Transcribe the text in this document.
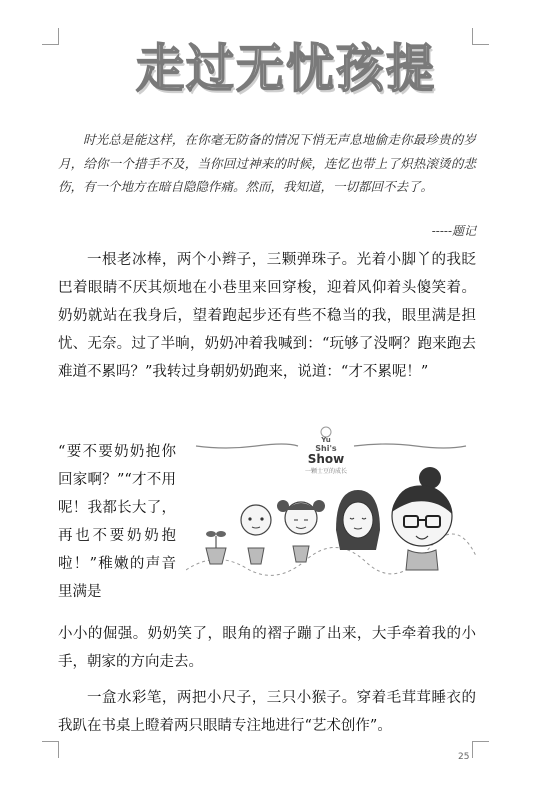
走过无忧孩提

时光总是能这样，在你毫无防备的情况下悄无声息地偷走你最珍贵的岁月，给你一个措手不及，当你回过神来的时候，连忆也带上了炽热滚烫的悲伤，有一个地方在暗自隐隐作痛。然而，我知道，一切都回不去了。

-----题记

一根老冰棒，两个小辫子，三颗弹珠子。光着小脚丫的我眨巴着眼睛不厌其烦地在小巷里来回穿梭，迎着风仰着头傻笑着。奶奶就站在我身后，望着跑起步还有些不稳当的我，眼里满是担忧、无奈。过了半晌，奶奶冲着我喊到：“玩够了没啊？跑来跑去难道不累吗？”我转过身朝奶奶跑来，说道：“才不累呢！”

“要不要奶奶抱你回家啊？”“才不用呢！我都长大了，再也不要奶奶抱啦！”稚嫩的声音里满是

Yu
Shi's
Show
一颗士豆的成长

小小的倔强。奶奶笑了，眼角的褶子蹦了出来，大手牵着我的小手，朝家的方向走去。

一盒水彩笔，两把小尺子，三只小猴子。穿着毛茸茸睡衣的我趴在书桌上瞪着两只眼睛专注地进行“艺术创作”。

25
